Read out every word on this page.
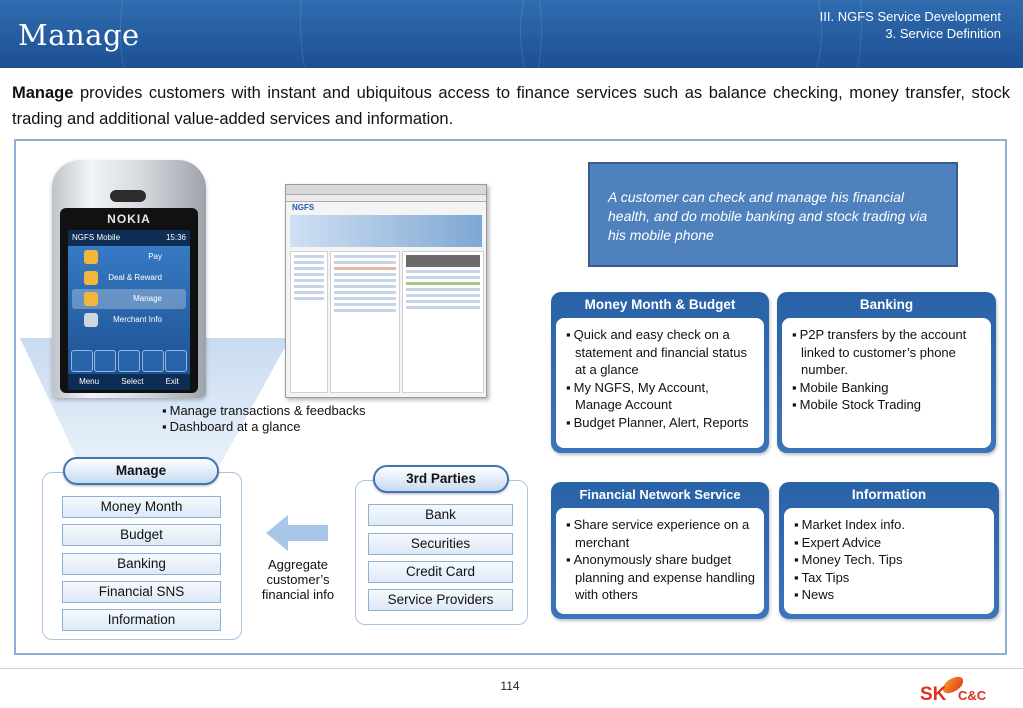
Manage
III. NGFS Service Development
3. Service Definition
Manage provides customers with instant and ubiquitous access to finance services such as balance checking, money transfer, stock trading and additional value-added services and information.
NOKIA
NGFS Mobile	15:36
Pay
Deal & Reward
Manage
Merchant Info
Menu	Select	Exit
NGFS
▪ Manage transactions & feedbacks
▪ Dashboard at a glance
A customer can check and manage his financial health, and do mobile banking and stock trading via his mobile phone
Money Month & Budget
▪ Quick and easy check on a statement and financial status at a glance
▪ My NGFS, My Account, Manage Account
▪ Budget Planner, Alert, Reports
Banking
▪ P2P transfers by the account linked to customer’s phone number.
▪ Mobile Banking
▪ Mobile Stock Trading
Financial Network Service
▪ Share service experience on a merchant
▪ Anonymously share budget planning and expense handling with others
Information
▪ Market Index info.
▪ Expert Advice
▪ Money Tech. Tips
▪ Tax Tips
▪ News
Manage
Money Month
Budget
Banking
Financial SNS
Information
Aggregate customer’s financial info
3rd Parties
Bank
Securities
Credit Card
Service Providers
114	SK C&C
